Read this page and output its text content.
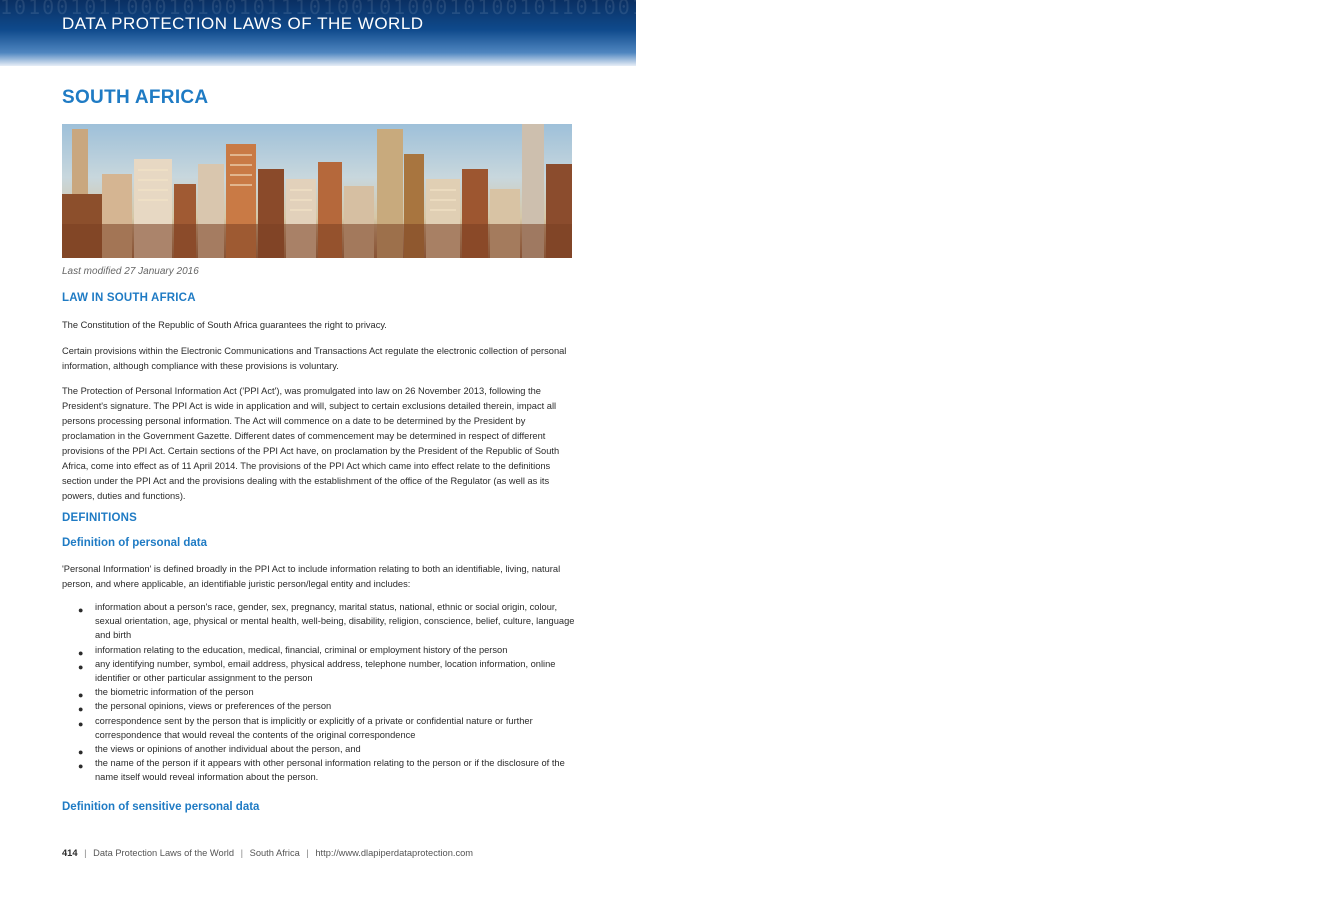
10100101100010100101110100101000101001011010010 0101101001011101001010010110100101110100101001
DATA PROTECTION LAWS OF THE WORLD
SOUTH AFRICA
Last modified 27 January 2016
LAW IN SOUTH AFRICA

The Constitution of the Republic of South Africa guarantees the right to privacy.

Certain provisions within the Electronic Communications and Transactions Act regulate the electronic collection of personal information, although compliance with these provisions is voluntary.

The Protection of Personal Information Act ('PPI Act'), was promulgated into law on 26 November 2013, following the President's signature. The PPI Act is wide in application and will, subject to certain exclusions detailed therein, impact all persons processing personal information. The Act will commence on a date to be determined by the President by proclamation in the Government Gazette. Different dates of commencement may be determined in respect of different provisions of the PPI Act. Certain sections of the PPI Act have, on proclamation by the President of the Republic of South Africa, come into effect as of 11 April 2014. The provisions of the PPI Act which came into effect relate to the definitions section under the PPI Act and the provisions dealing with the establishment of the office of the Regulator (as well as its powers, duties and functions).

DEFINITIONS
Definition of personal data

'Personal Information' is defined broadly in the PPI Act to include information relating to both an identifiable, living, natural person, and where applicable, an identifiable juristic person/legal entity and includes:

● information about a person's race, gender, sex, pregnancy, marital status, national, ethnic or social origin, colour, sexual orientation, age, physical or mental health, well-being, disability, religion, conscience, belief, culture, language and birth
● information relating to the education, medical, financial, criminal or employment history of the person
● any identifying number, symbol, email address, physical address, telephone number, location information, online identifier or other particular assignment to the person
● the biometric information of the person
● the personal opinions, views or preferences of the person
● correspondence sent by the person that is implicitly or explicitly of a private or confidential nature or further correspondence that would reveal the contents of the original correspondence
● the views or opinions of another individual about the person, and
● the name of the person if it appears with other personal information relating to the person or if the disclosure of the name itself would reveal information about the person.
Definition of sensitive personal data
414 | Data Protection Laws of the World | South Africa | http://www.dlapiperdataprotection.com
